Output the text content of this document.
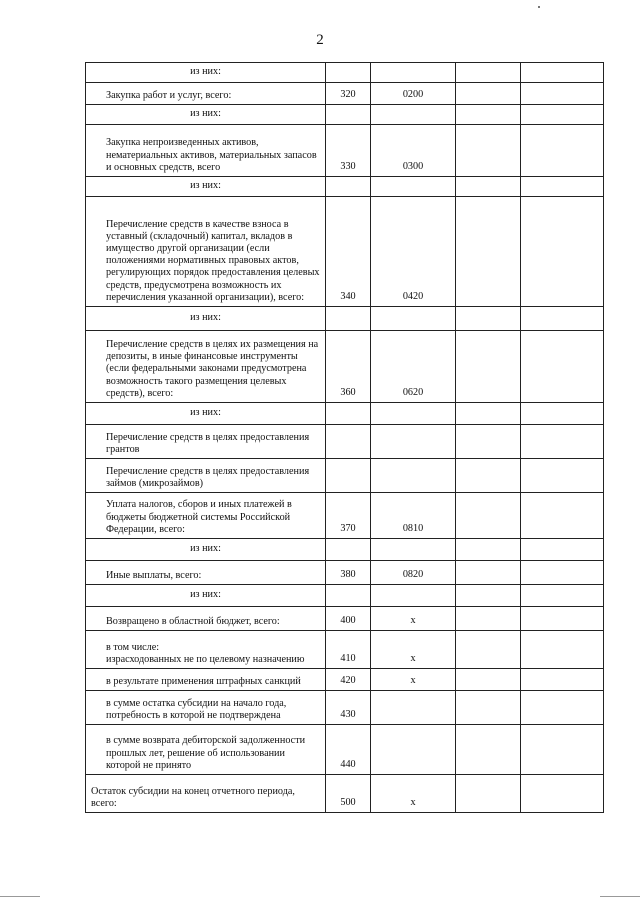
2
из них:				
Закупка работ и услуг, всего:	320	0200		
из них:				
Закупка непроизведенных активов, нематериальных активов, материальных запасов и основных средств, всего	330	0300		
из них:				
Перечисление средств в качестве взноса в уставный (складочный) капитал, вкладов в имущество другой организации (если положениями нормативных правовых актов, регулирующих порядок предоставления целевых средств, предусмотрена возможность их перечисления указанной организации), всего:	340	0420		
из них:				
Перечисление средств в целях их размещения на депозиты, в иные финансовые инструменты (если федеральными законами предусмотрена возможность такого размещения целевых средств), всего:	360	0620		
из них:				
Перечисление средств в целях предоставления грантов				
Перечисление средств в целях предоставления займов (микрозаймов)				
Уплата налогов, сборов и иных платежей в бюджеты бюджетной системы Российской Федерации, всего:	370	0810		
из них:				
Иные выплаты, всего:	380	0820		
из них:				
Возвращено в областной бюджет, всего:	400	x		
в том числе:
израсходованных не по целевому назначению	410	x		
в результате применения штрафных санкций	420	x		
в сумме остатка субсидии на начало года, потребность в которой не подтверждена	430			
в сумме возврата дебиторской задолженности прошлых лет, решение об использовании которой не принято	440			
Остаток субсидии на конец отчетного периода, всего:	500	x		
